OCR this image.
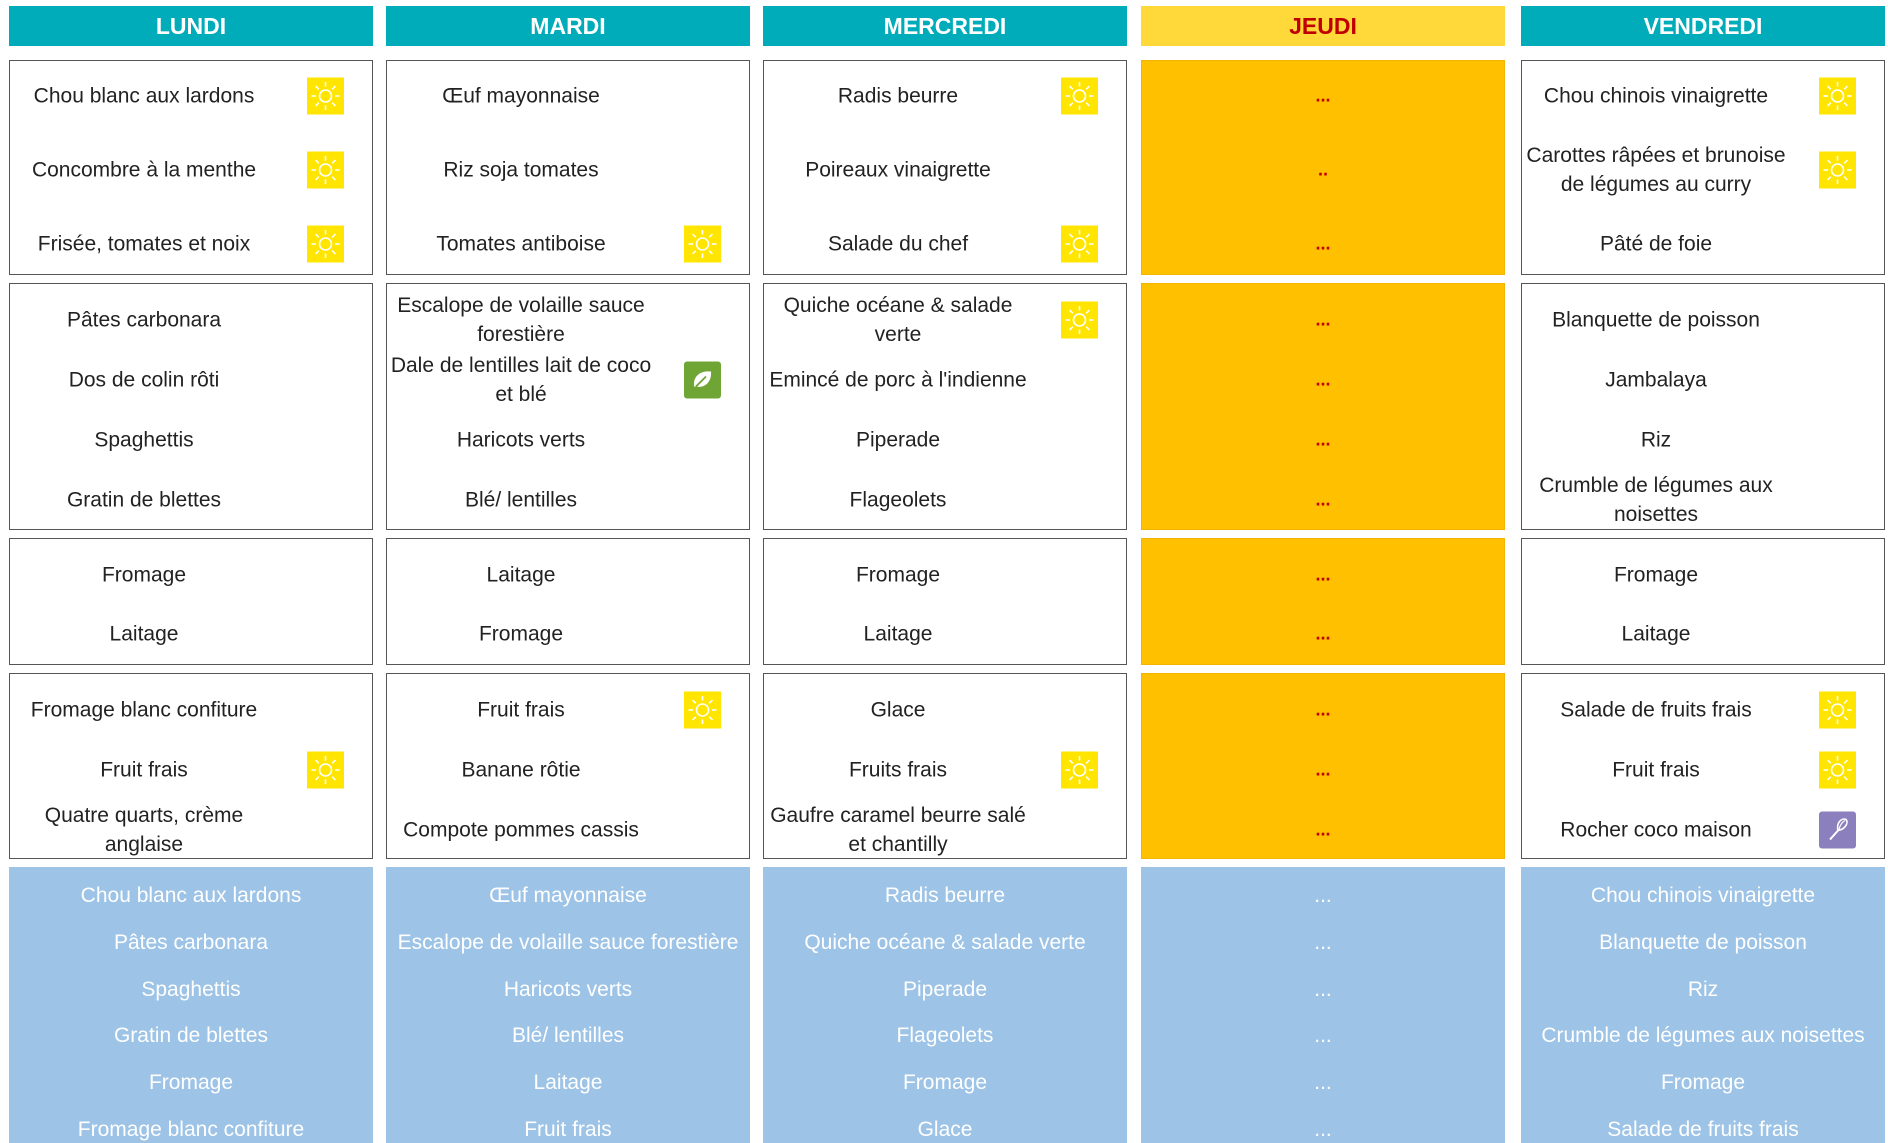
LUNDI
Chou blanc aux lardons
Concombre à la menthe
Frisée, tomates et noix
Pâtes carbonara
Dos de colin rôti
Spaghettis
Gratin de blettes
Fromage
Laitage
Fromage blanc confiture
Fruit frais
Quatre quarts, crème anglaise
Chou blanc aux lardons
Pâtes carbonara
Spaghettis
Gratin de blettes
Fromage
Fromage blanc confiture
MARDI
Œuf mayonnaise
Riz soja tomates
Tomates antiboise
Escalope de volaille sauce forestière
Dale de lentilles lait de coco et blé
Haricots verts
Blé/ lentilles
Laitage
Fromage
Fruit frais
Banane rôtie
Compote pommes cassis
Œuf mayonnaise
Escalope de volaille sauce forestière
Haricots verts
Blé/ lentilles
Laitage
Fruit frais
MERCREDI
Radis beurre
Poireaux vinaigrette
Salade du chef
Quiche océane & salade verte
Emincé de porc à l'indienne
Piperade
Flageolets
Fromage
Laitage
Glace
Fruits frais
Gaufre caramel beurre salé et chantilly
Radis beurre
Quiche océane & salade verte
Piperade
Flageolets
Fromage
Glace
JEUDI
...
..
...
...
...
...
...
...
...
...
...
...
...
...
...
...
...
...
VENDREDI
Chou chinois vinaigrette
Carottes râpées et brunoise de légumes au curry
Pâté de foie
Blanquette de poisson
Jambalaya
Riz
Crumble de légumes aux noisettes
Fromage
Laitage
Salade de fruits frais
Fruit frais
Rocher coco maison
Chou chinois vinaigrette
Blanquette de poisson
Riz
Crumble de légumes aux noisettes
Fromage
Salade de fruits frais
